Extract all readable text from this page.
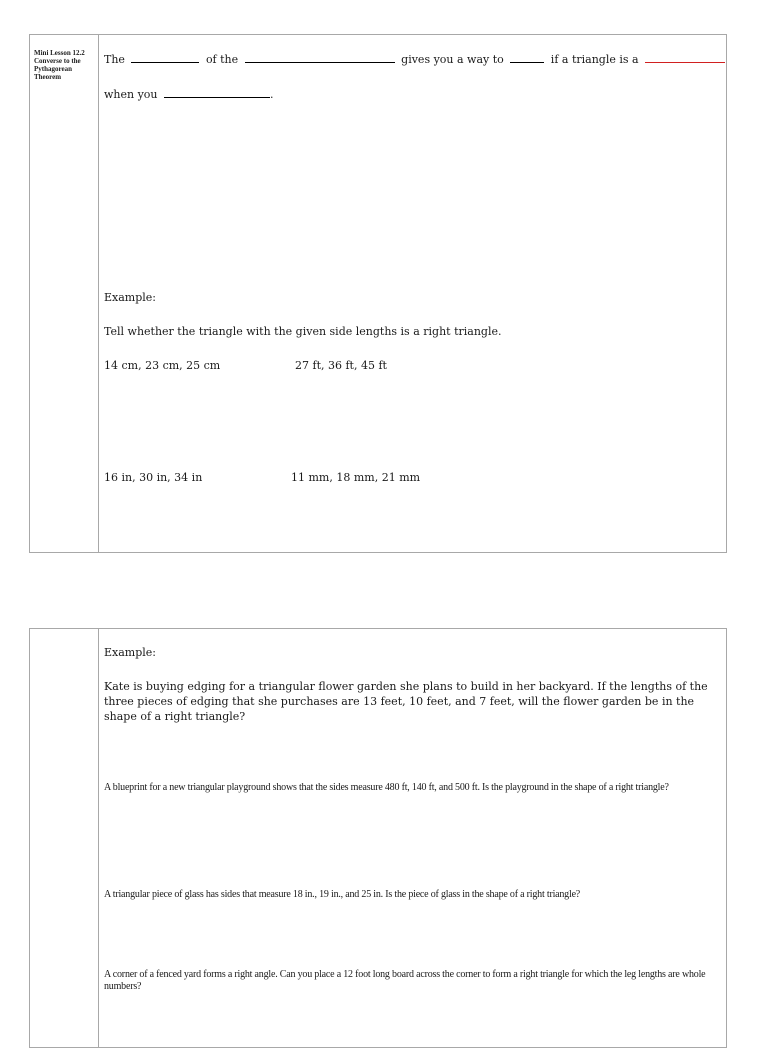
Mini Lesson 12.2 Converse to the Pythagorean Theorem
The	of the	gives you a way to	if a triangle is a
when you	.
Example:
Tell whether the triangle with the given side lengths is a right triangle.
14 cm, 23 cm, 25 cm	27 ft, 36 ft, 45 ft
16 in, 30 in, 34 in	11 mm, 18 mm, 21 mm
Example:
Kate is buying edging for a triangular flower garden she plans to build in her backyard. If the lengths of the three pieces of edging that she purchases are 13 feet, 10 feet, and 7 feet, will the flower garden be in the shape of a right triangle?
A blueprint for a new triangular playground shows that the sides measure 480 ft, 140 ft, and 500 ft. Is the playground in the shape of a right triangle?
A triangular piece of glass has sides that measure 18 in., 19 in., and 25 in. Is the piece of glass in the shape of a right triangle?
A corner of a fenced yard forms a right angle. Can you place a 12 foot long board across the corner to form a right triangle for which the leg lengths are whole numbers?
